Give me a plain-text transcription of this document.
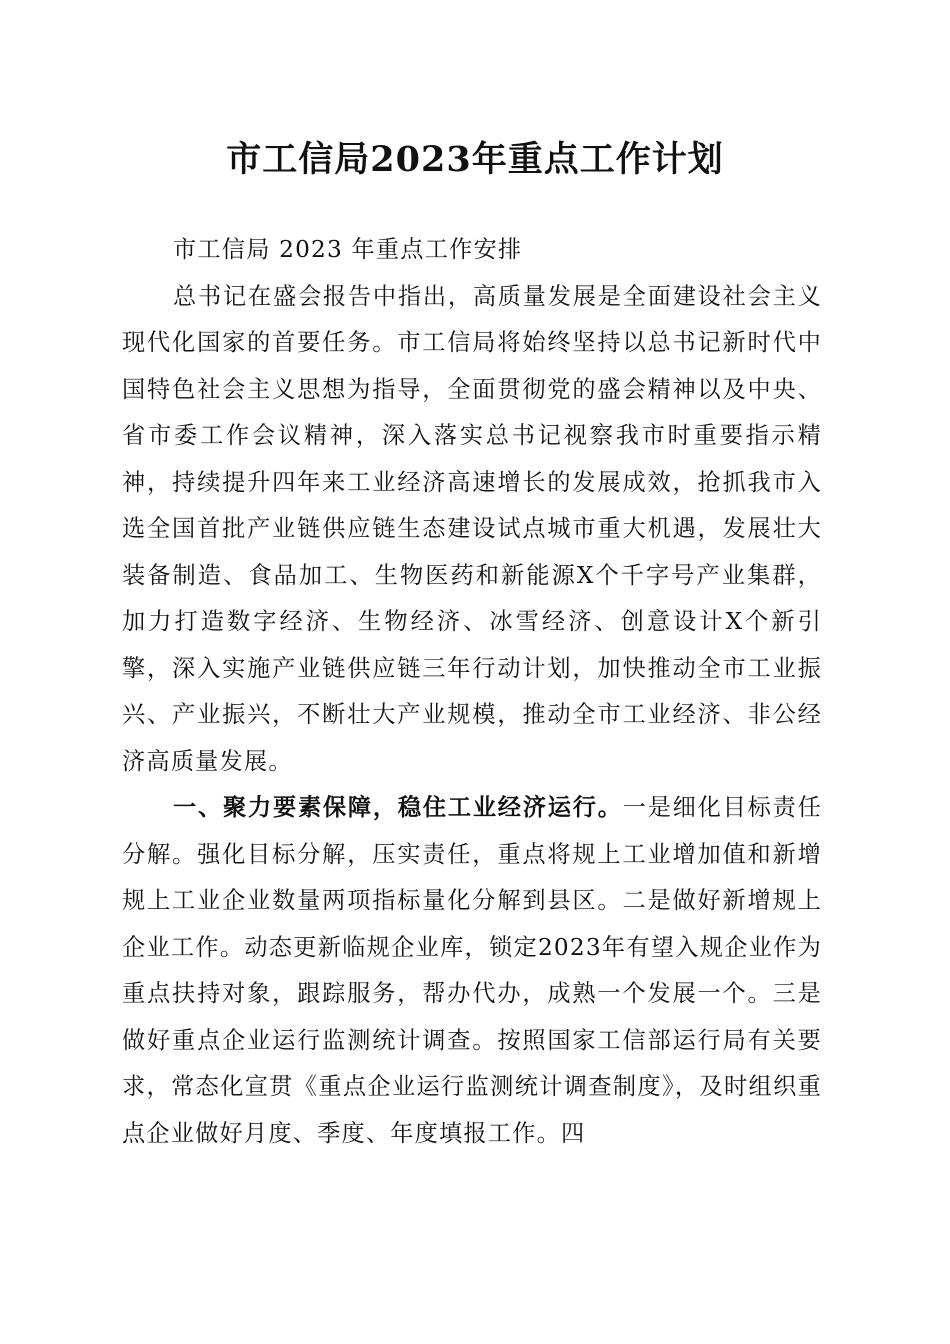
市工信局2023年重点工作计划

市工信局 2023 年重点工作安排

总书记在盛会报告中指出，高质量发展是全面建设社会主义现代化国家的首要任务。市工信局将始终坚持以总书记新时代中国特色社会主义思想为指导，全面贯彻党的盛会精神以及中央、省市委工作会议精神，深入落实总书记视察我市时重要指示精神，持续提升四年来工业经济高速增长的发展成效，抢抓我市入选全国首批产业链供应链生态建设试点城市重大机遇，发展壮大装备制造、食品加工、生物医药和新能源X个千字号产业集群，加力打造数字经济、生物经济、冰雪经济、创意设计X个新引擎，深入实施产业链供应链三年行动计划，加快推动全市工业振兴、产业振兴，不断壮大产业规模，推动全市工业经济、非公经济高质量发展。

一、聚力要素保障，稳住工业经济运行。一是细化目标责任分解。强化目标分解，压实责任，重点将规上工业增加值和新增规上工业企业数量两项指标量化分解到县区。二是做好新增规上企业工作。动态更新临规企业库，锁定2023年有望入规企业作为重点扶持对象，跟踪服务，帮办代办，成熟一个发展一个。三是做好重点企业运行监测统计调查。按照国家工信部运行局有关要求，常态化宣贯《重点企业运行监测统计调查制度》，及时组织重点企业做好月度、季度、年度填报工作。四
